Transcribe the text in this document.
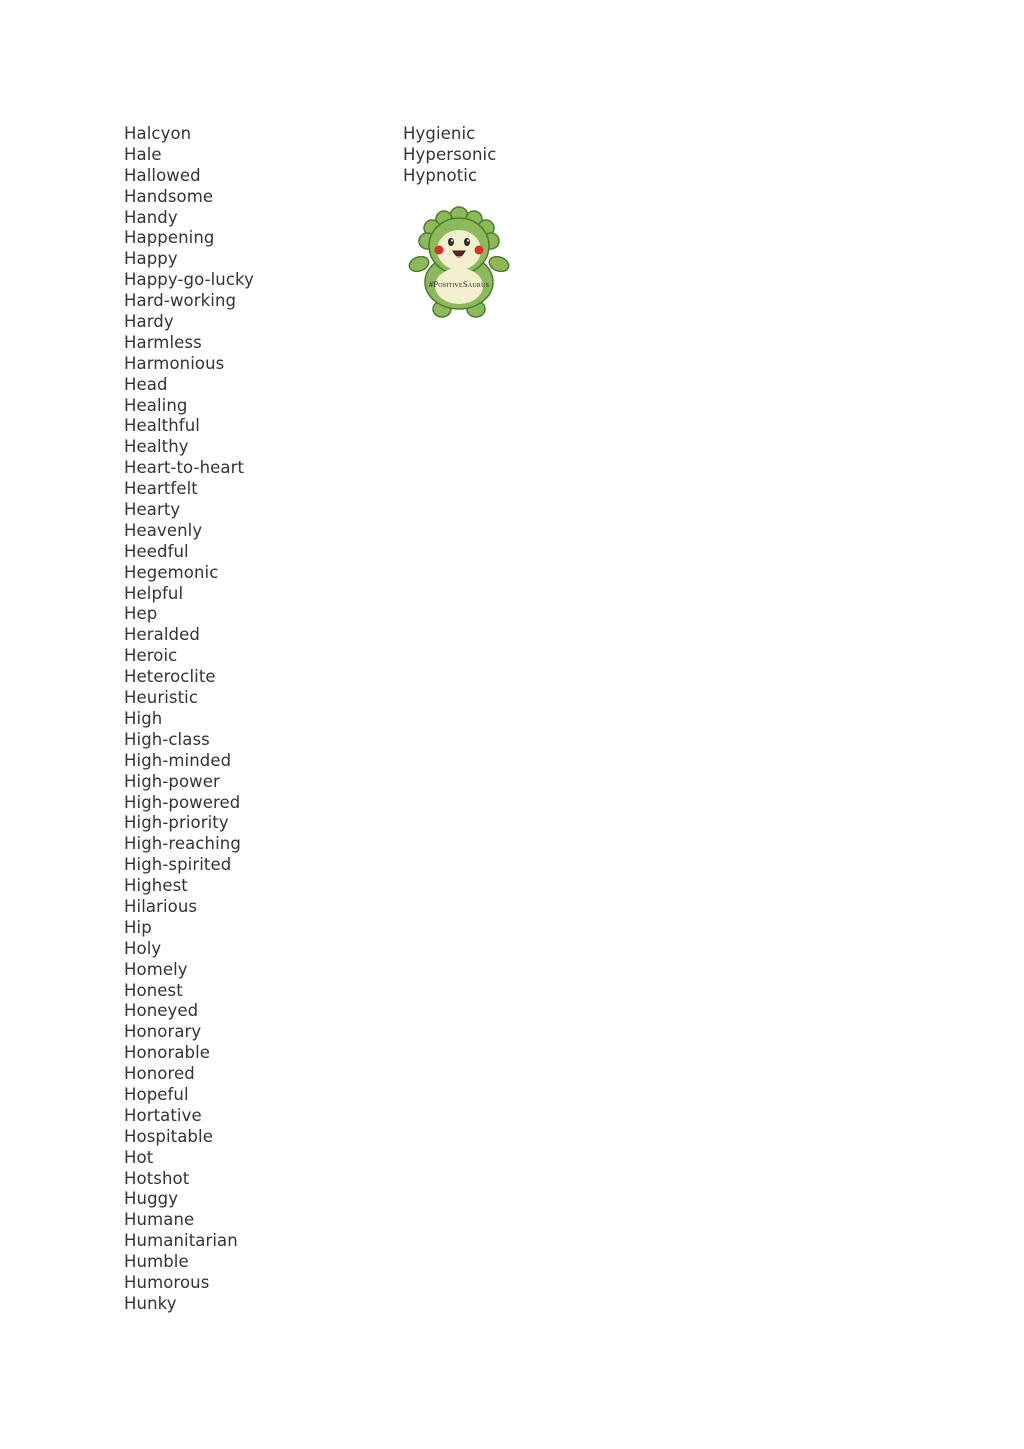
Halcyon
Hale
Hallowed
Handsome
Handy
Happening
Happy
Happy-go-lucky
Hard-working
Hardy
Harmless
Harmonious
Head
Healing
Healthful
Healthy
Heart-to-heart
Heartfelt
Hearty
Heavenly
Heedful
Hegemonic
Helpful
Hep
Heralded
Heroic
Heteroclite
Heuristic
High
High-class
High-minded
High-power
High-powered
High-priority
High-reaching
High-spirited
Highest
Hilarious
Hip
Holy
Homely
Honest
Honeyed
Honorary
Honorable
Honored
Hopeful
Hortative
Hospitable
Hot
Hotshot
Huggy
Humane
Humanitarian
Humble
Humorous
Hunky
Hygienic
Hypersonic
Hypnotic
#PositiveSaurus
